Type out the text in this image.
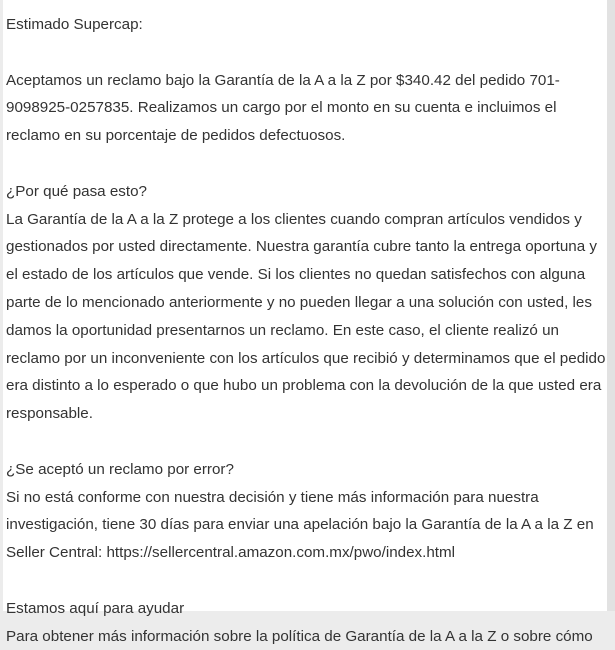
Estimado Supercap:

Aceptamos un reclamo bajo la Garantía de la A a la Z por $340.42 del pedido 701-9098925-0257835. Realizamos un cargo por el monto en su cuenta e incluimos el reclamo en su porcentaje de pedidos defectuosos.

¿Por qué pasa esto?

La Garantía de la A a la Z protege a los clientes cuando compran artículos vendidos y gestionados por usted directamente. Nuestra garantía cubre tanto la entrega oportuna y el estado de los artículos que vende. Si los clientes no quedan satisfechos con alguna parte de lo mencionado anteriormente y no pueden llegar a una solución con usted, les damos la oportunidad presentarnos un reclamo. En este caso, el cliente realizó un reclamo por un inconveniente con los artículos que recibió y determinamos que el pedido era distinto a lo esperado o que hubo un problema con la devolución de la que usted era responsable.

¿Se aceptó un reclamo por error?

Si no está conforme con nuestra decisión y tiene más información para nuestra investigación, tiene 30 días para enviar una apelación bajo la Garantía de la A a la Z en Seller Central: https://sellercentral.amazon.com.mx/pwo/index.html

Estamos aquí para ayudar

Para obtener más información sobre la política de Garantía de la A a la Z o sobre cómo
